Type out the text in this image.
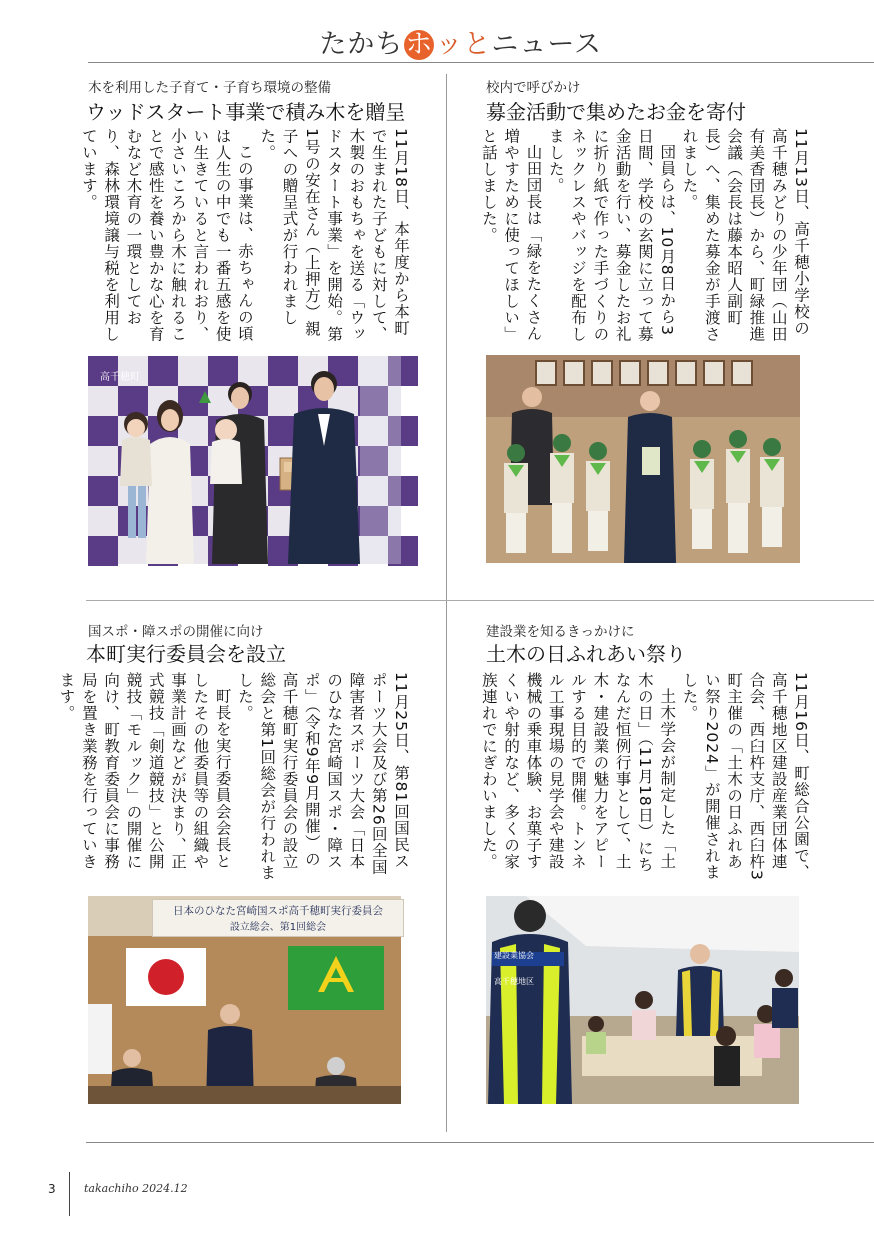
たかちホッとニュース
木を利用した子育て・子育ち環境の整備
ウッドスタート事業で積み木を贈呈

11月18日、本年度から本町で生まれた子どもに対して、木製のおもちゃを送る「ウッドスタート事業」を開始。第1号の安在さん（上押方）親子への贈呈式が行われました。

この事業は、赤ちゃんの頃は人生の中でも一番五感を使い生きていると言われおり、小さいころから木に触れることで感性を養い豊かな心を育むなど木育の一環としており、森林環境譲与税を利用しています。

高千穂町
校内で呼びかけ
募金活動で集めたお金を寄付

11月13日、高千穂小学校の高千穂みどりの少年団（山田有美香団長）から、町緑推進会議（会長は藤本昭人副町長）へ、集めた募金が手渡されました。

団員らは、10月8日から3日間、学校の玄関に立って募金活動を行い、募金したお礼に折り紙で作った手づくりのネックレスやバッジを配布しました。

山田団長は「緑をたくさん増やすために使ってほしい」と話しました。

国スポ・障スポの開催に向け
本町実行委員会を設立

11月25日、第81回国民スポーツ大会及び第26回全国障害者スポーツ大会「日本のひなた宮崎国スポ・障スポ」（令和9年9月開催）の高千穂町実行委員会の設立総会と第1回総会が行われました。

町長を実行委員会会長としたその他委員等の組織や事業計画などが決まり、正式競技「剣道競技」と公開競技「モルック」の開催に向け、町教育委員会に事務局を置き業務を行っていきます。

日本のひなた宮崎国スポ高千穂町実行委員会
設立総会、第1回総会
建設業を知るきっかけに
土木の日ふれあい祭り

11月16日、町総合公園で、高千穂地区建設産業団体連合会、西臼杵支庁、西臼杵3町主催の「土木の日ふれあい祭り2024」が開催されました。

土木学会が制定した「土木の日」（11月18日）にちなんだ恒例行事として、土木・建設業の魅力をアピールする目的で開催。トンネル工事現場の見学会や建設機械の乗車体験、お菓子すくいや射的など、多くの家族連れでにぎわいました。

建設業協会
高千穂地区
3	takachiho 2024.12
